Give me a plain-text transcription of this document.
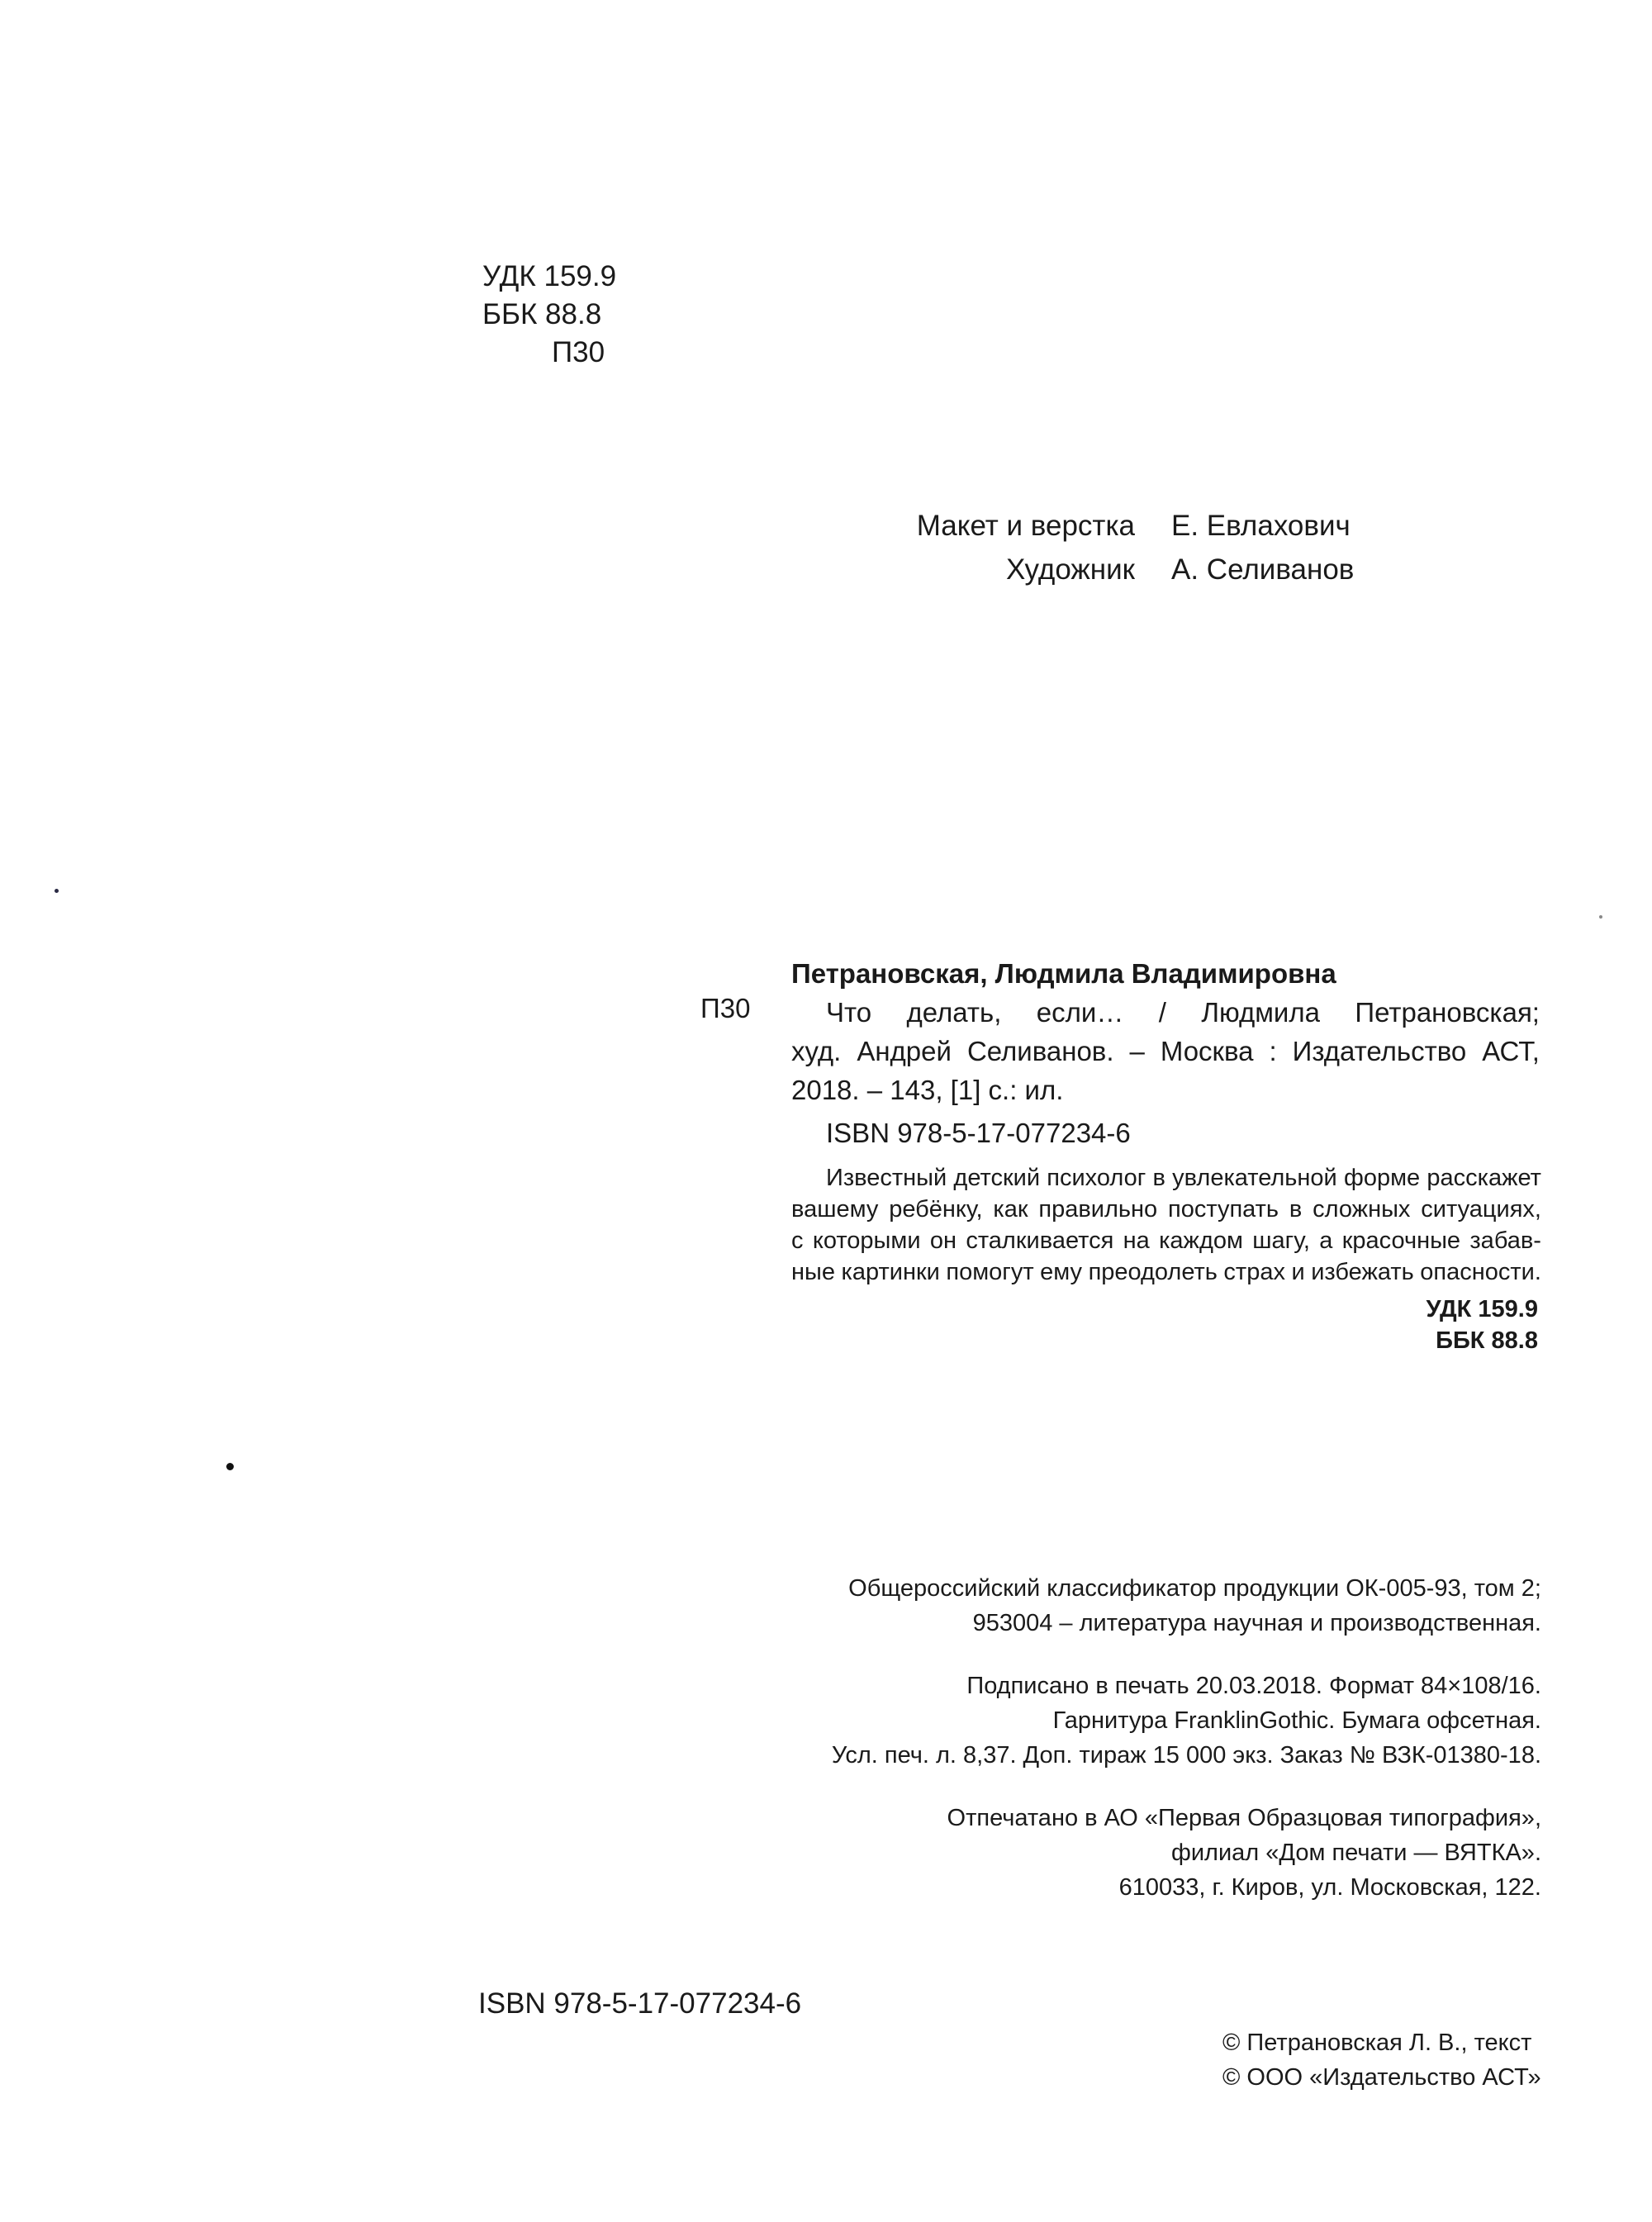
УДК 159.9
ББК 88.8
П30
Макет и верстка	Е. Евлахович
Художник	А. Селиванов
Петрановская, Людмила Владимировна
П30	Что делать, если… / Людмила Петрановская;
худ. Андрей Селиванов. – Москва : Издательство АСТ,
2018. – 143, [1] с.: ил.
ISBN 978-5-17-077234-6
Известный детский психолог в увлекательной форме расскажет
вашему ребёнку, как правильно поступать в сложных ситуациях,
с которыми он сталкивается на каждом шагу, а красочные забав-
ные картинки помогут ему преодолеть страх и избежать опасности.
УДК 159.9
ББК 88.8
Общероссийский классификатор продукции ОК-005-93, том 2;
953004 – литература научная и производственная.
Подписано в печать 20.03.2018. Формат 84×108/16.
Гарнитура FranklinGothic. Бумага офсетная.
Усл. печ. л. 8,37. Доп. тираж 15 000 экз. Заказ № ВЗК-01380-18.
Отпечатано в АО «Первая Образцовая типография»,
филиал «Дом печати — ВЯТКА».
610033, г. Киров, ул. Московская, 122.
ISBN 978-5-17-077234-6
© Петрановская Л. В., текст
© ООО «Издательство АСТ»
